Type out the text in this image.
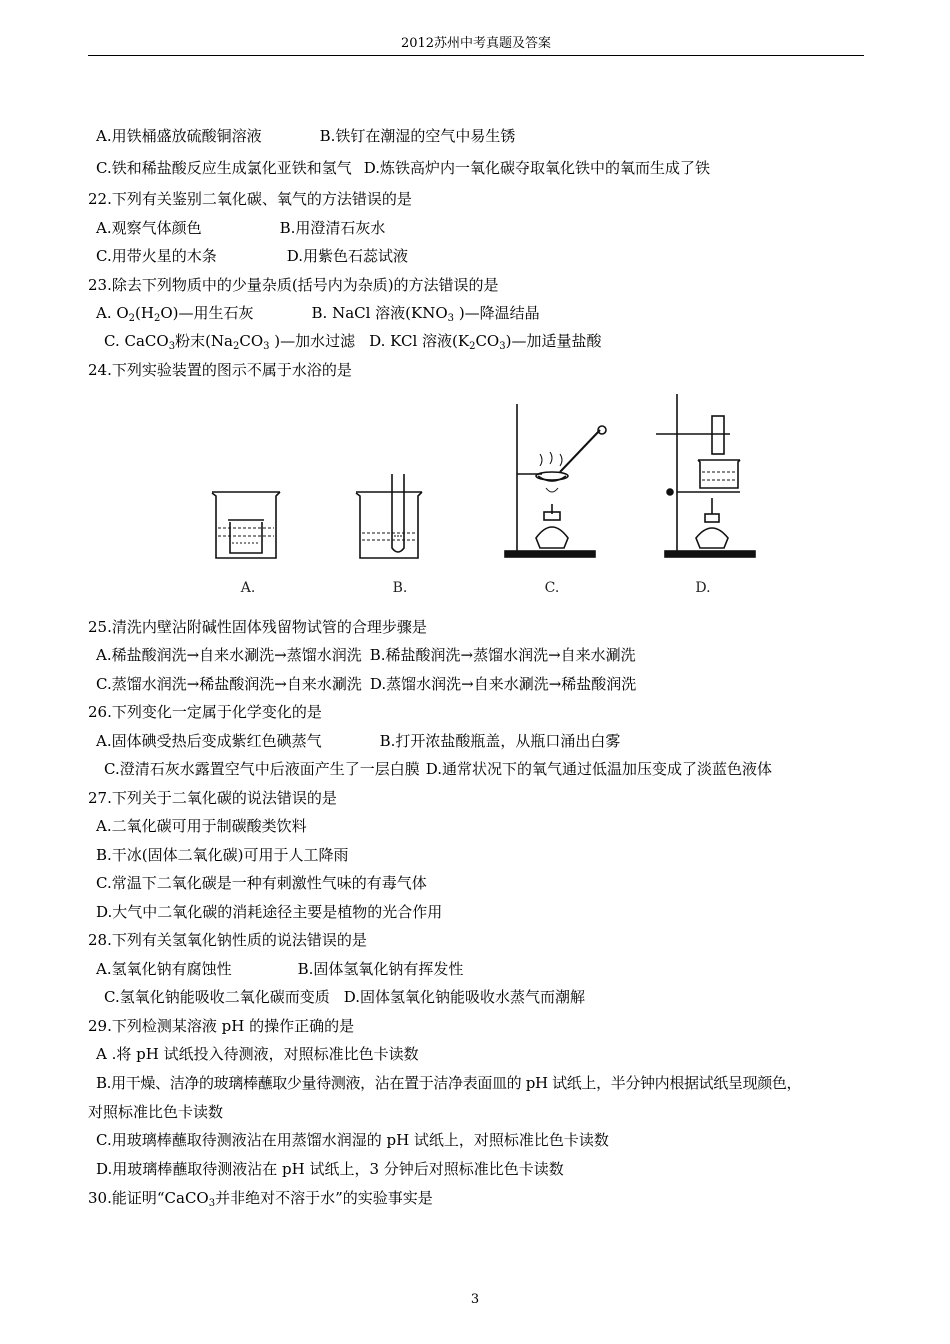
2012苏州中考真题及答案
A.用铁桶盛放硫酸铜溶液	B.铁钉在潮湿的空气中易生锈
C.铁和稀盐酸反应生成氯化亚铁和氢气 D.炼铁高炉内一氧化碳夺取氧化铁中的氧而生成了铁
22.下列有关鉴别二氧化碳、氧气的方法错误的是
A.观察气体颜色	B.用澄清石灰水
C.用带火星的木条	D.用紫色石蕊试液
23.除去下列物质中的少量杂质(括号内为杂质)的方法错误的是
A. $O_2(H_2O)—$用生石灰	B. NaCl 溶液($KNO_3$ )—降温结晶
C. CaCO$_3$粉末($Na_2CO_3$ )—加水过滤 D. KCl 溶液$(K_2CO_3)—$加适量盐酸
24.下列实验装置的图示不属于水浴的是
A.	B.	C.	D.
25.清洗内壁沾附碱性固体残留物试管的合理步骤是
A.稀盐酸润洗→自来水涮洗→蒸馏水润洗 B.稀盐酸润洗→蒸馏水润洗→自来水涮洗
C.蒸馏水润洗→稀盐酸润洗→自来水涮洗 D.蒸馏水润洗→自来水涮洗→稀盐酸润洗
26.下列变化一定属于化学变化的是
A.固体碘受热后变成紫红色碘蒸气	B.打开浓盐酸瓶盖，从瓶口涌出白雾
C.澄清石灰水露置空气中后液面产生了一层白膜 D.通常状况下的氧气通过低温加压变成了淡蓝色液体
27.下列关于二氧化碳的说法错误的是
A.二氧化碳可用于制碳酸类饮料
B.干冰(固体二氧化碳)可用于人工降雨
C.常温下二氧化碳是一种有刺激性气味的有毒气体
D.大气中二氧化碳的消耗途径主要是植物的光合作用
28.下列有关氢氧化钠性质的说法错误的是
A.氢氧化钠有腐蚀性	B.固体氢氧化钠有挥发性
C.氢氧化钠能吸收二氧化碳而变质 D.固体氢氧化钠能吸收水蒸气而潮解
29.下列检测某溶液 pH 的操作正确的是
A .将 pH 试纸投入待测液，对照标准比色卡读数
B.用干燥、洁净的玻璃棒蘸取少量待测液，沾在置于洁净表面皿的 pH 试纸上，半分钟内根据试纸呈现颜色，
对照标准比色卡读数
C.用玻璃棒蘸取待测液沾在用蒸馏水润湿的 pH 试纸上，对照标准比色卡读数
D.用玻璃棒蘸取待测液沾在 pH 试纸上，3 分钟后对照标准比色卡读数
30.能证明“CaCO$_3$并非绝对不溶于水”的实验事实是
3
